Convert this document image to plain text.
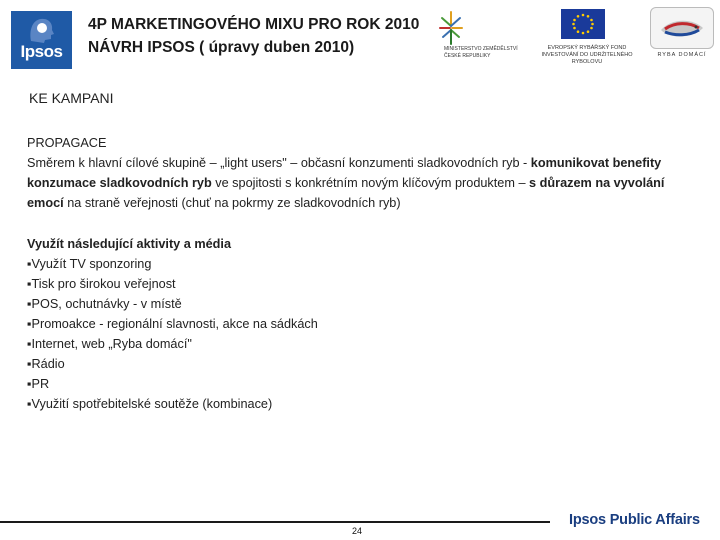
Ipsos
4P MARKETINGOVÉHO MIXU PRO ROK 2010
NÁVRH IPSOS ( úpravy duben 2010)	MINISTERSTVO ZEMĚDĚLSTVÍ
ČESKÉ REPUBLIKY
EVROPSKÝ RYBÁŘSKÝ FOND
INVESTOVÁNÍ DO UDRŽITELNÉHO
RYBOLOVU
RYBA DOMÁCÍ
KE KAMPANI

PROPAGACE

Směrem k hlavní cílové skupině – „light users" – občasní konzumenti sladkovodních ryb - komunikovat benefity konzumace sladkovodních ryb ve spojitosti s konkrétním novým klíčovým produktem – s důrazem na vyvolání emocí na straně veřejnosti (chuť na pokrmy ze sladkovodních ryb)

Využít následující aktivity a média

▪Využít TV sponzoring

▪Tisk pro širokou veřejnost

▪POS, ochutnávky - v místě

▪Promoakce - regionální slavnosti, akce na sádkách

▪Internet, web „Ryba domácí"

▪Rádio

▪PR

▪Využití spotřebitelské soutěže (kombinace)

24
Ipsos Public Affairs
